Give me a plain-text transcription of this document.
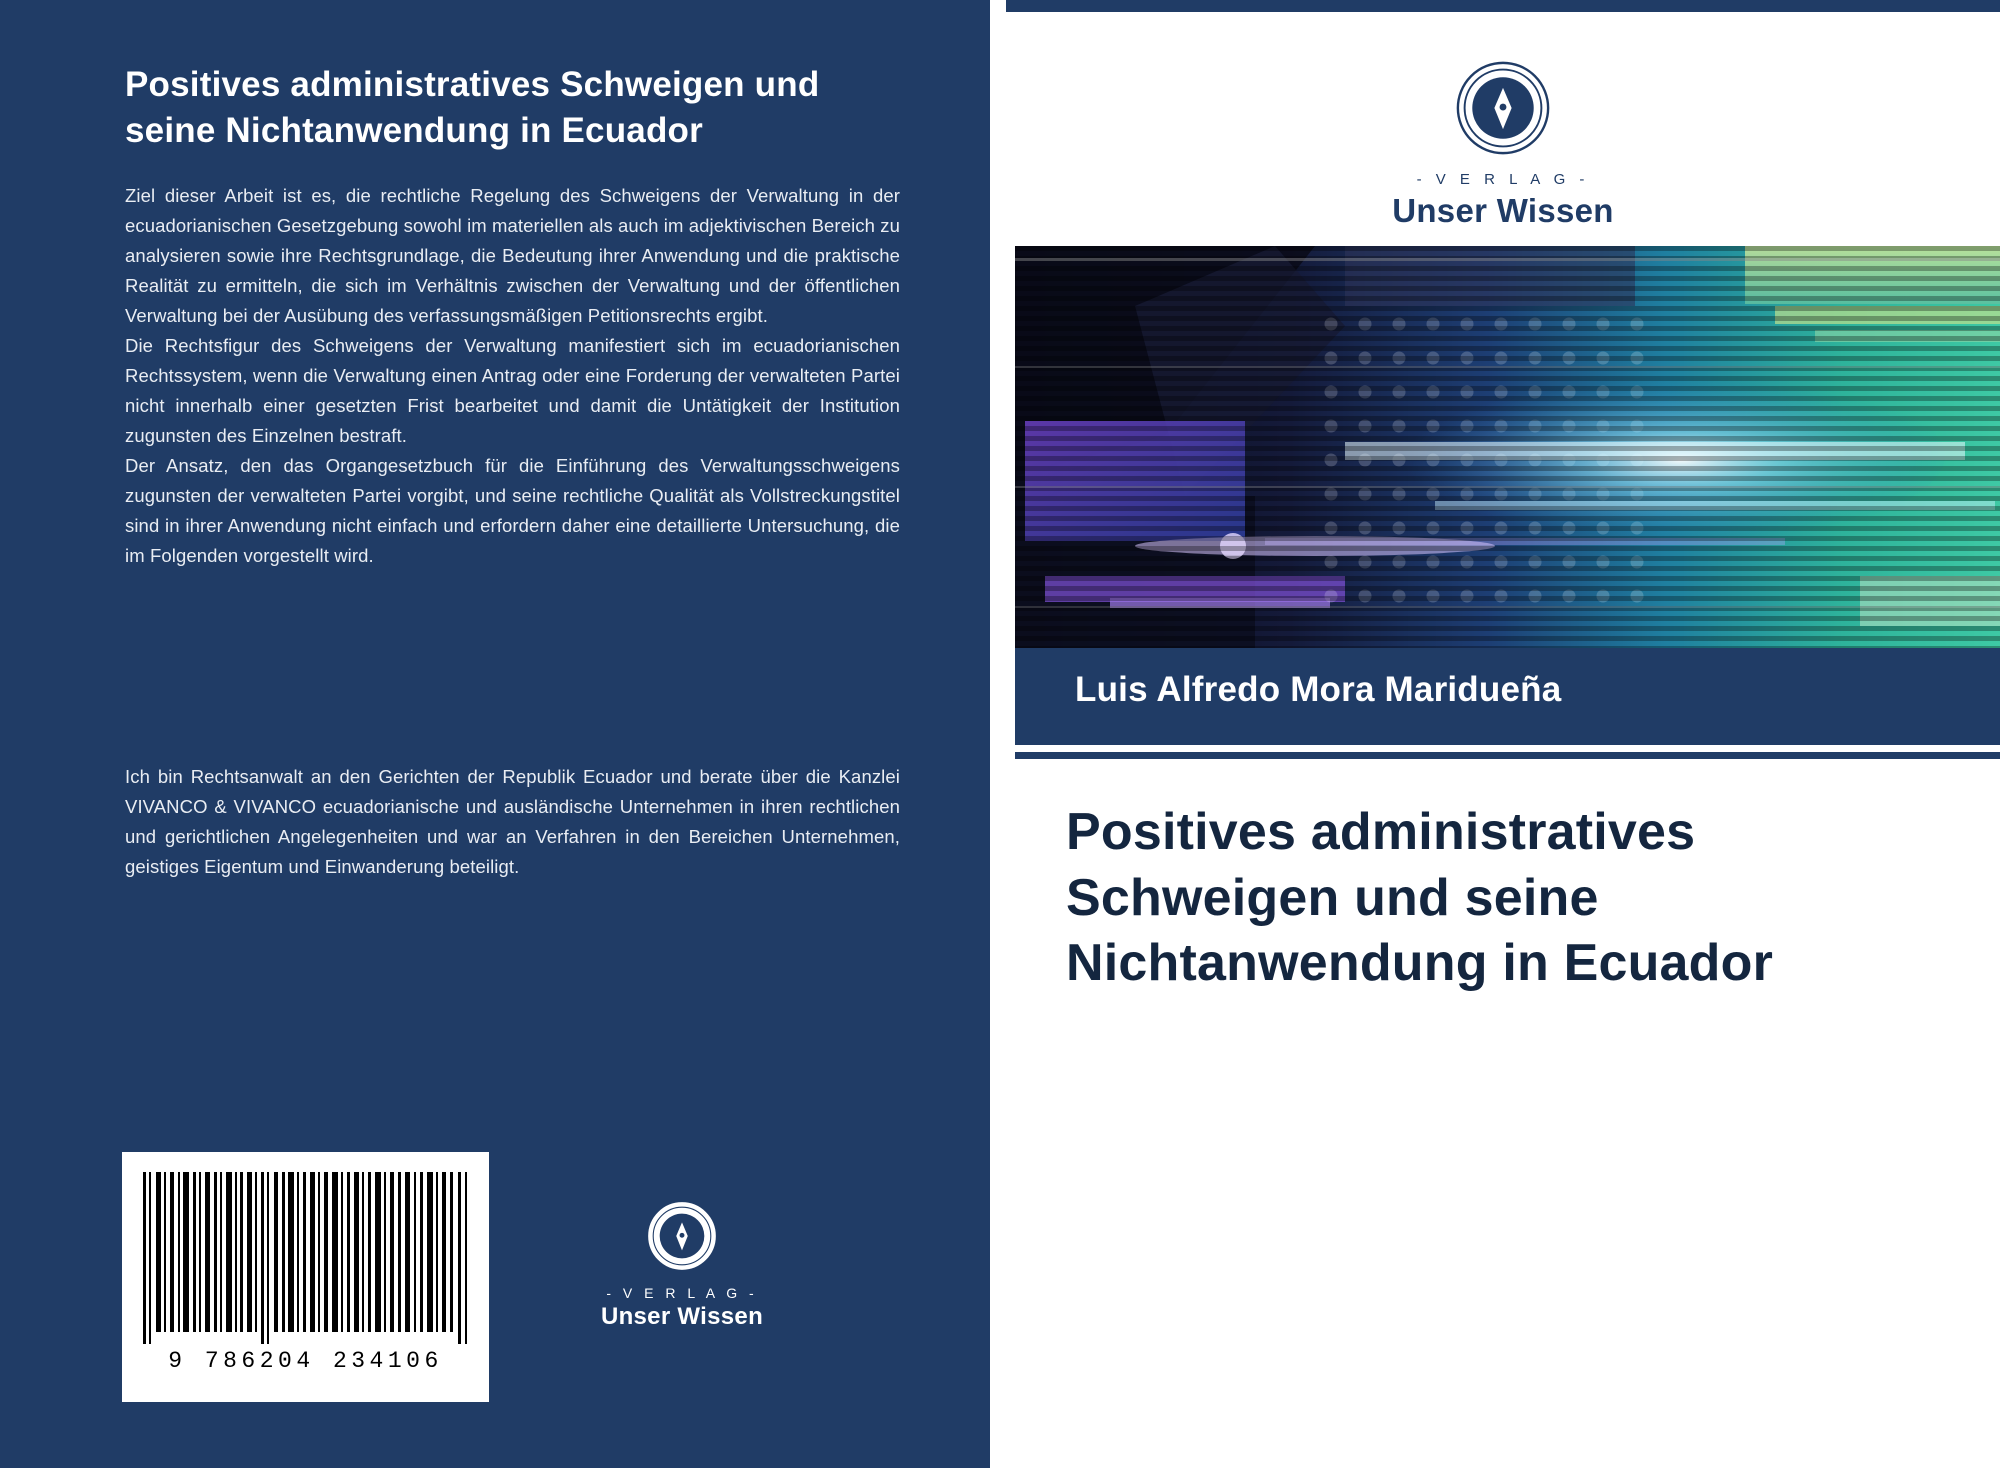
Positives administratives Schweigen und seine Nichtanwendung in Ecuador

Ziel dieser Arbeit ist es, die rechtliche Regelung des Schweigens der Verwaltung in der ecuadorianischen Gesetzgebung sowohl im materiellen als auch im adjektivischen Bereich zu analysieren sowie ihre Rechtsgrundlage, die Bedeutung ihrer Anwendung und die praktische Realität zu ermitteln, die sich im Verhältnis zwischen der Verwaltung und der öffentlichen Verwaltung bei der Ausübung des verfassungsmäßigen Petitionsrechts ergibt.

Die Rechtsfigur des Schweigens der Verwaltung manifestiert sich im ecuadorianischen Rechtssystem, wenn die Verwaltung einen Antrag oder eine Forderung der verwalteten Partei nicht innerhalb einer gesetzten Frist bearbeitet und damit die Untätigkeit der Institution zugunsten des Einzelnen bestraft.

Der Ansatz, den das Organgesetzbuch für die Einführung des Verwaltungsschweigens zugunsten der verwalteten Partei vorgibt, und seine rechtliche Qualität als Vollstreckungstitel sind in ihrer Anwendung nicht einfach und erfordern daher eine detaillierte Untersuchung, die im Folgenden vorgestellt wird.

Ich bin Rechtsanwalt an den Gerichten der Republik Ecuador und berate über die Kanzlei VIVANCO & VIVANCO ecuadorianische und ausländische Unternehmen in ihren rechtlichen und gerichtlichen Angelegenheiten und war an Verfahren in den Bereichen Unternehmen, geistiges Eigentum und Einwanderung beteiligt.
9 786204 234106
- V E R L A G -
Unser Wissen
- V E R L A G -
Unser Wissen
Luis Alfredo Mora Maridueña
Positives administratives Schweigen und seine Nichtanwendung in Ecuador
